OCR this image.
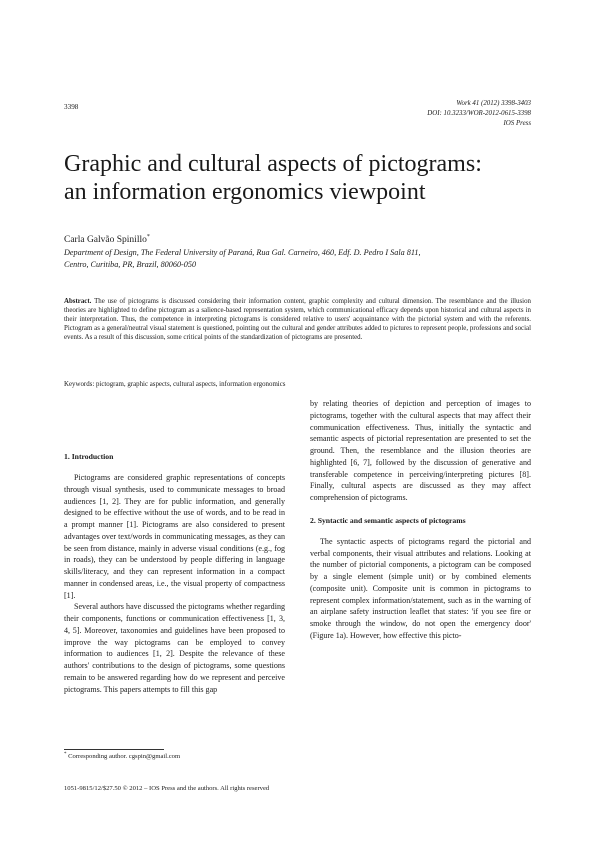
3398	Work 41 (2012) 3398-3403
DOI: 10.3233/WOR-2012-0615-3398
IOS Press
Graphic and cultural aspects of pictograms:
an information ergonomics viewpoint
Carla Galvão Spinillo*
Department of Design, The Federal University of Paraná, Rua Gal. Carneiro, 460, Edf. D. Pedro I Sala 811,
Centro, Curitiba, PR, Brazil, 80060-050

Abstract. The use of pictograms is discussed considering their information content, graphic complexity and cultural dimension. The resemblance and the illusion theories are highlighted to define pictogram as a salience-based representation system, which communicational efficacy depends upon historical and cultural aspects in their interpretation. Thus, the competence in interpreting pictograms is considered relative to users' acquaintance with the pictorial system and with the referents. Pictogram as a general/neutral visual statement is questioned, pointing out the cultural and gender attributes added to pictures to represent people, professions and social events. As a result of this discussion, some critical points of the standardization of pictograms are presented.

Keywords: pictogram, graphic aspects, cultural aspects, information ergonomics
1. Introduction

Pictograms are considered graphic representations of concepts through visual synthesis, used to communicate messages to broad audiences [1, 2]. They are for public information, and generally designed to be effective without the use of words, and to be read in a prompt manner [1]. Pictograms are also considered to present advantages over text/words in communicating messages, as they can be seen from distance, mainly in adverse visual conditions (e.g., fog in roads), they can be understood by people differing in language skills/literacy, and they can represent information in a compact manner in condensed areas, i.e., the visual property of compactness [1].

Several authors have discussed the pictograms whether regarding their components, functions or communication effectiveness [1, 3, 4, 5]. Moreover, taxonomies and guidelines have been proposed to improve the way pictograms can be employed to convey information to audiences [1, 2]. Despite the relevance of these authors' contributions to the design of pictograms, some questions remain to be answered regarding how do we represent and perceive pictograms. This papers attempts to fill this gap

by relating theories of depiction and perception of images to pictograms, together with the cultural aspects that may affect their communication effectiveness. Thus, initially the syntactic and semantic aspects of pictorial representation are presented to set the ground. Then, the resemblance and the illusion theories are highlighted [6, 7], followed by the discussion of generative and transferable competence in perceiving/interpreting pictures [8]. Finally, cultural aspects are discussed as they may affect comprehension of pictograms.

2. Syntactic and semantic aspects of pictograms

The syntactic aspects of pictograms regard the pictorial and verbal components, their visual attributes and relations. Looking at the number of pictorial components, a pictogram can be composed by a single element (simple unit) or by combined elements (composite unit). Composite unit is common in pictograms to represent complex information/statement, such as in the warning of an airplane safety instruction leaflet that states: 'if you see fire or smoke through the window, do not open the emergency door' (Figure 1a). However, how effective this picto-

* Corresponding author. cgspin@gmail.com
1051-9815/12/$27.50 © 2012 – IOS Press and the authors. All rights reserved
